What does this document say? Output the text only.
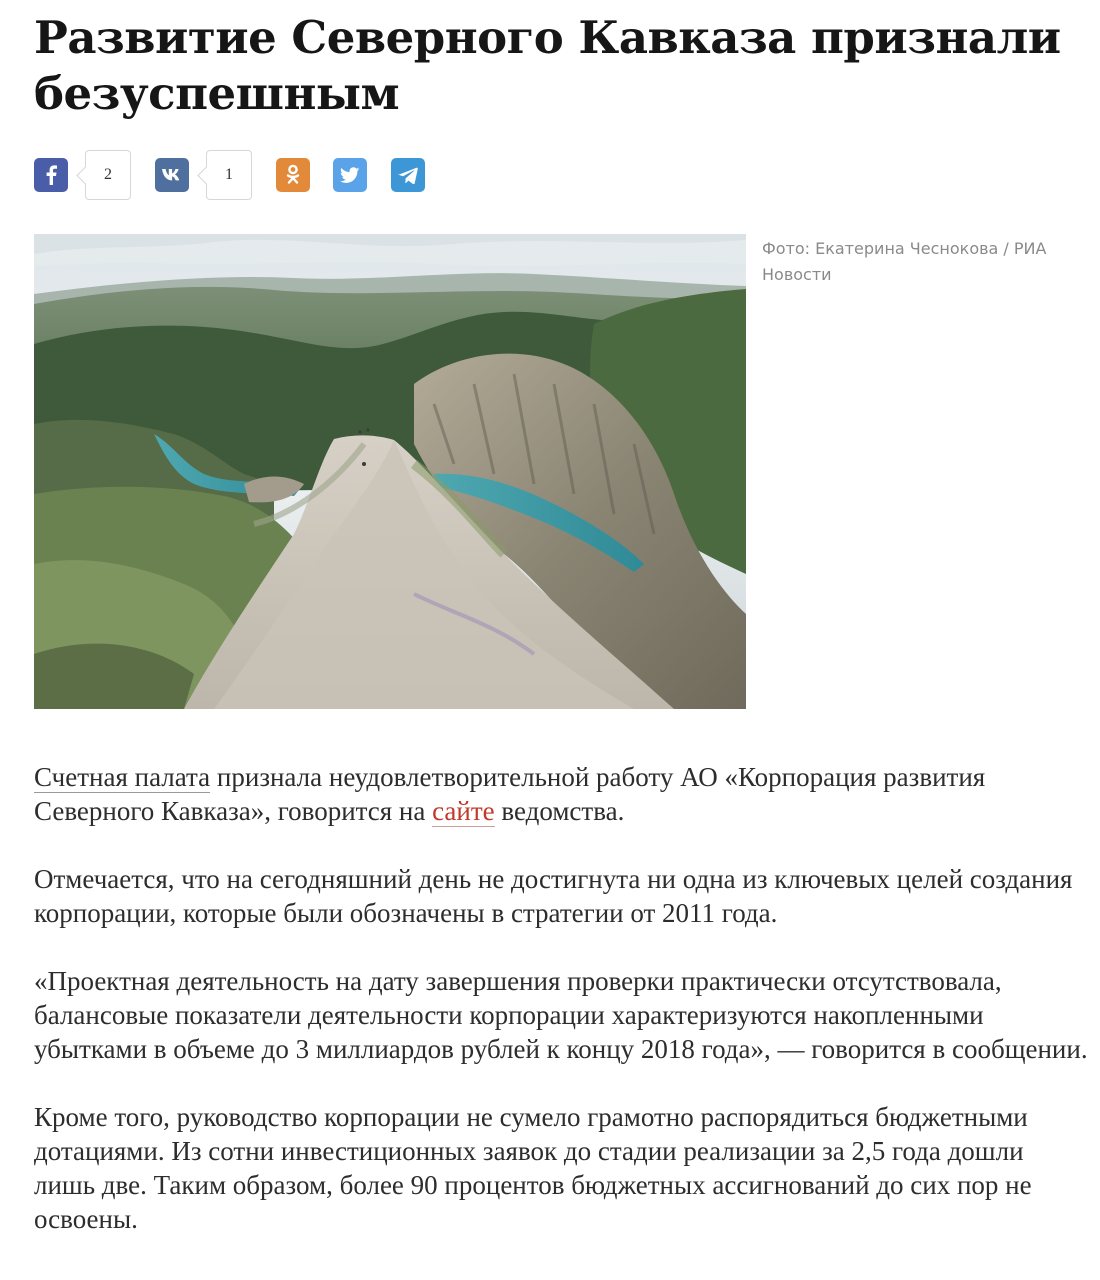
Развитие Северного Кавказа признали безуспешным
2	1
Фото: Екатерина Чеснокова / РИА Новости

Счетная палата признала неудовлетворительной работу АО «Корпорация развития Северного Кавказа», говорится на сайте ведомства.

Отмечается, что на сегодняшний день не достигнута ни одна из ключевых целей создания корпорации, которые были обозначены в стратегии от 2011 года.

«Проектная деятельность на дату завершения проверки практически отсутствовала, балансовые показатели деятельности корпорации характеризуются накопленными убытками в объеме до 3 миллиардов рублей к концу 2018 года», — говорится в сообщении.

Кроме того, руководство корпорации не сумело грамотно распорядиться бюджетными дотациями. Из сотни инвестиционных заявок до стадии реализации за 2,5 года дошли лишь две. Таким образом, более 90 процентов бюджетных ассигнований до сих пор не освоены.
